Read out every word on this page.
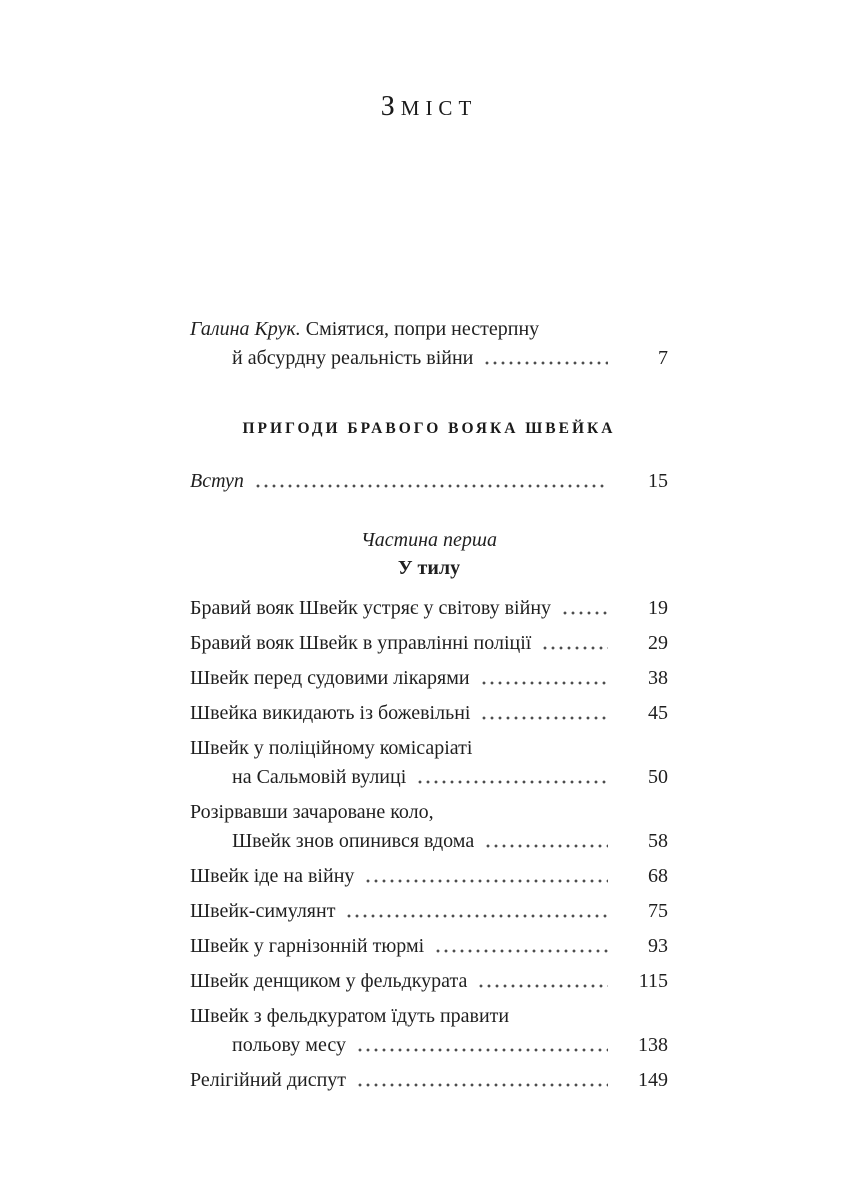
ЗМІСТ
Галина Крук. Сміятися, попри нестерпну
й абсурдну реальність війни	7
ПРИГОДИ БРАВОГО ВОЯКА ШВЕЙКА
Вступ	15
Частина перша
У тилу
Бравий вояк Швейк устряє у світову війну	19
Бравий вояк Швейк в управлінні поліції	29
Швейк перед судовими лікарями	38
Швейка викидають із божевільні	45
Швейк у поліційному комісаріаті
на Сальмовій вулиці	50
Розірвавши зачароване коло,
Швейк знов опинився вдома	58
Швейк іде на війну	68
Швейк-симулянт	75
Швейк у гарнізонній тюрмі	93
Швейк денщиком у фельдкурата	115
Швейк з фельдкуратом їдуть правити
польову месу	138
Релігійний диспут	149
